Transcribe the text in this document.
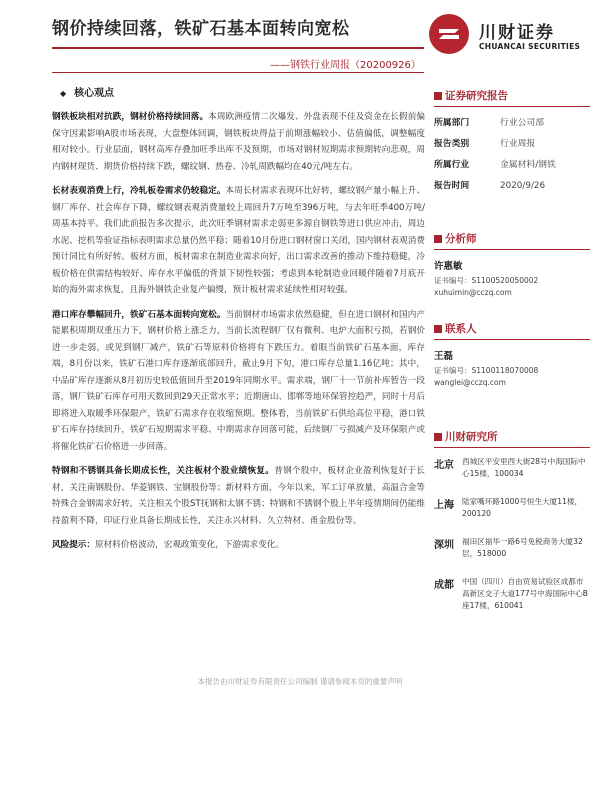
钢价持续回落，铁矿石基本面转向宽松
——钢铁行业周报（20200926）
川财证券
CHUANCAI SECURITIES
◆ 核心观点
钢铁板块相对抗跌，钢材价格持续回落。本周欧洲疫情二次爆发、外盘表现不佳及资金在长假前偏保守因素影响A股市场表现，大盘整体回调，钢铁板块得益于前期涨幅较小、估值偏低，调整幅度相对较小。行业层面，钢材高库存叠加旺季出库不及预期，市场对钢材短期需求预期转向悲观，周内钢材现货、期货价格持续下跌，螺纹钢、热卷、冷轧周跌幅均在40元/吨左右。
长材表观消费上行，冷轧板卷需求仍较稳定。本周长材需求表现环比好转，螺纹钢产量小幅上升、钢厂库存、社会库存下降，螺纹钢表观消费量较上周回升7万吨至396万吨，与去年旺季400万吨/周基本持平。我们此前报告多次提示，此次旺季钢材需求走弱更多源自钢铁等进口供应冲击，周边水泥、挖机等验证指标表明需求总量仍然平稳；随着10月份进口钢材窗口关闭，国内钢材表观消费预计同比有所好转。板材方面，板材需求在制造业需求向好，出口需求改善的推动下维持稳健，冷板价格在供需结构较好、库存水平偏低的背景下韧性较强；考虑到本轮制造业回暖伴随着7月底开始的海外需求恢复，且海外钢铁企业复产偏慢，预计板材需求延续性相对较强。
港口库存攀幅回升，铁矿石基本面转向宽松。当前钢材市场需求依然稳健，但在进口钢材和国内产能累积周期双重压力下，钢材价格上涨乏力，当前长流程钢厂仅有微利、电炉大面积亏损，若钢价进一步走弱，或见到钢厂减产，铁矿石等原料价格将有下跌压力。着眼当前铁矿石基本面，库存端，8月份以来，铁矿石港口库存逐渐底部回升，截止9月下旬，港口库存总量1.16亿吨；其中，中品矿库存逐渐从8月初历史较低值回升至2019年同期水平。需求端，钢厂十一节前补库暂告一段落，钢厂铁矿石库存可用天数回到29天正常水平；近期唐山、邯郸等地环保管控趋严，同时十月后即将进入取暖季环保限产，铁矿石需求存在收缩预期。整体看，当前铁矿石供给高位平稳，港口铁矿石库存持续回升，铁矿石短期需求平稳、中期需求存回落可能，后续钢厂亏损减产及环保限产或将催化铁矿石价格进一步回落。
特钢和不锈钢具备长期成长性，关注板材个股业绩恢复。普钢个股中，板材企业盈利恢复好于长材，关注南钢股份、华菱钢铁、宝钢股份等；新材料方面，今年以来，军工订单放量，高温合金等特殊合金钢需求好转，关注相关个股ST抚钢和太钢不锈；特钢和不锈钢个股上半年疫情期间仍能维持盈利不降，印证行业具备长期成长性，关注永兴材料、久立特材、甬金股份等。
风险提示：原材料价格波动，宏观政策变化，下游需求变化。
证券研究报告
所属部门	行业公司部
报告类别	行业周报
所属行业	金属材料/钢铁
报告时间	2020/9/26
分析师
许惠敏
证书编号：S1100520050002
xuhuimin@cczq.com
联系人
王磊
证书编号：S1100118070008
wanglei@cczq.com
川财研究所
北京 西城区平安里西大街28号中海国际中心15楼，100034
上海 陆家嘴环路1000号恒生大厦11楼，200120
深圳 福田区福华一路6号免税商务大厦32层，518000
成都 中国（四川）自由贸易试验区成都市高新区交子大道177号中海国际中心B座17楼，610041
本报告由川财证券有限责任公司编制 谨请参阅本页的重要声明
